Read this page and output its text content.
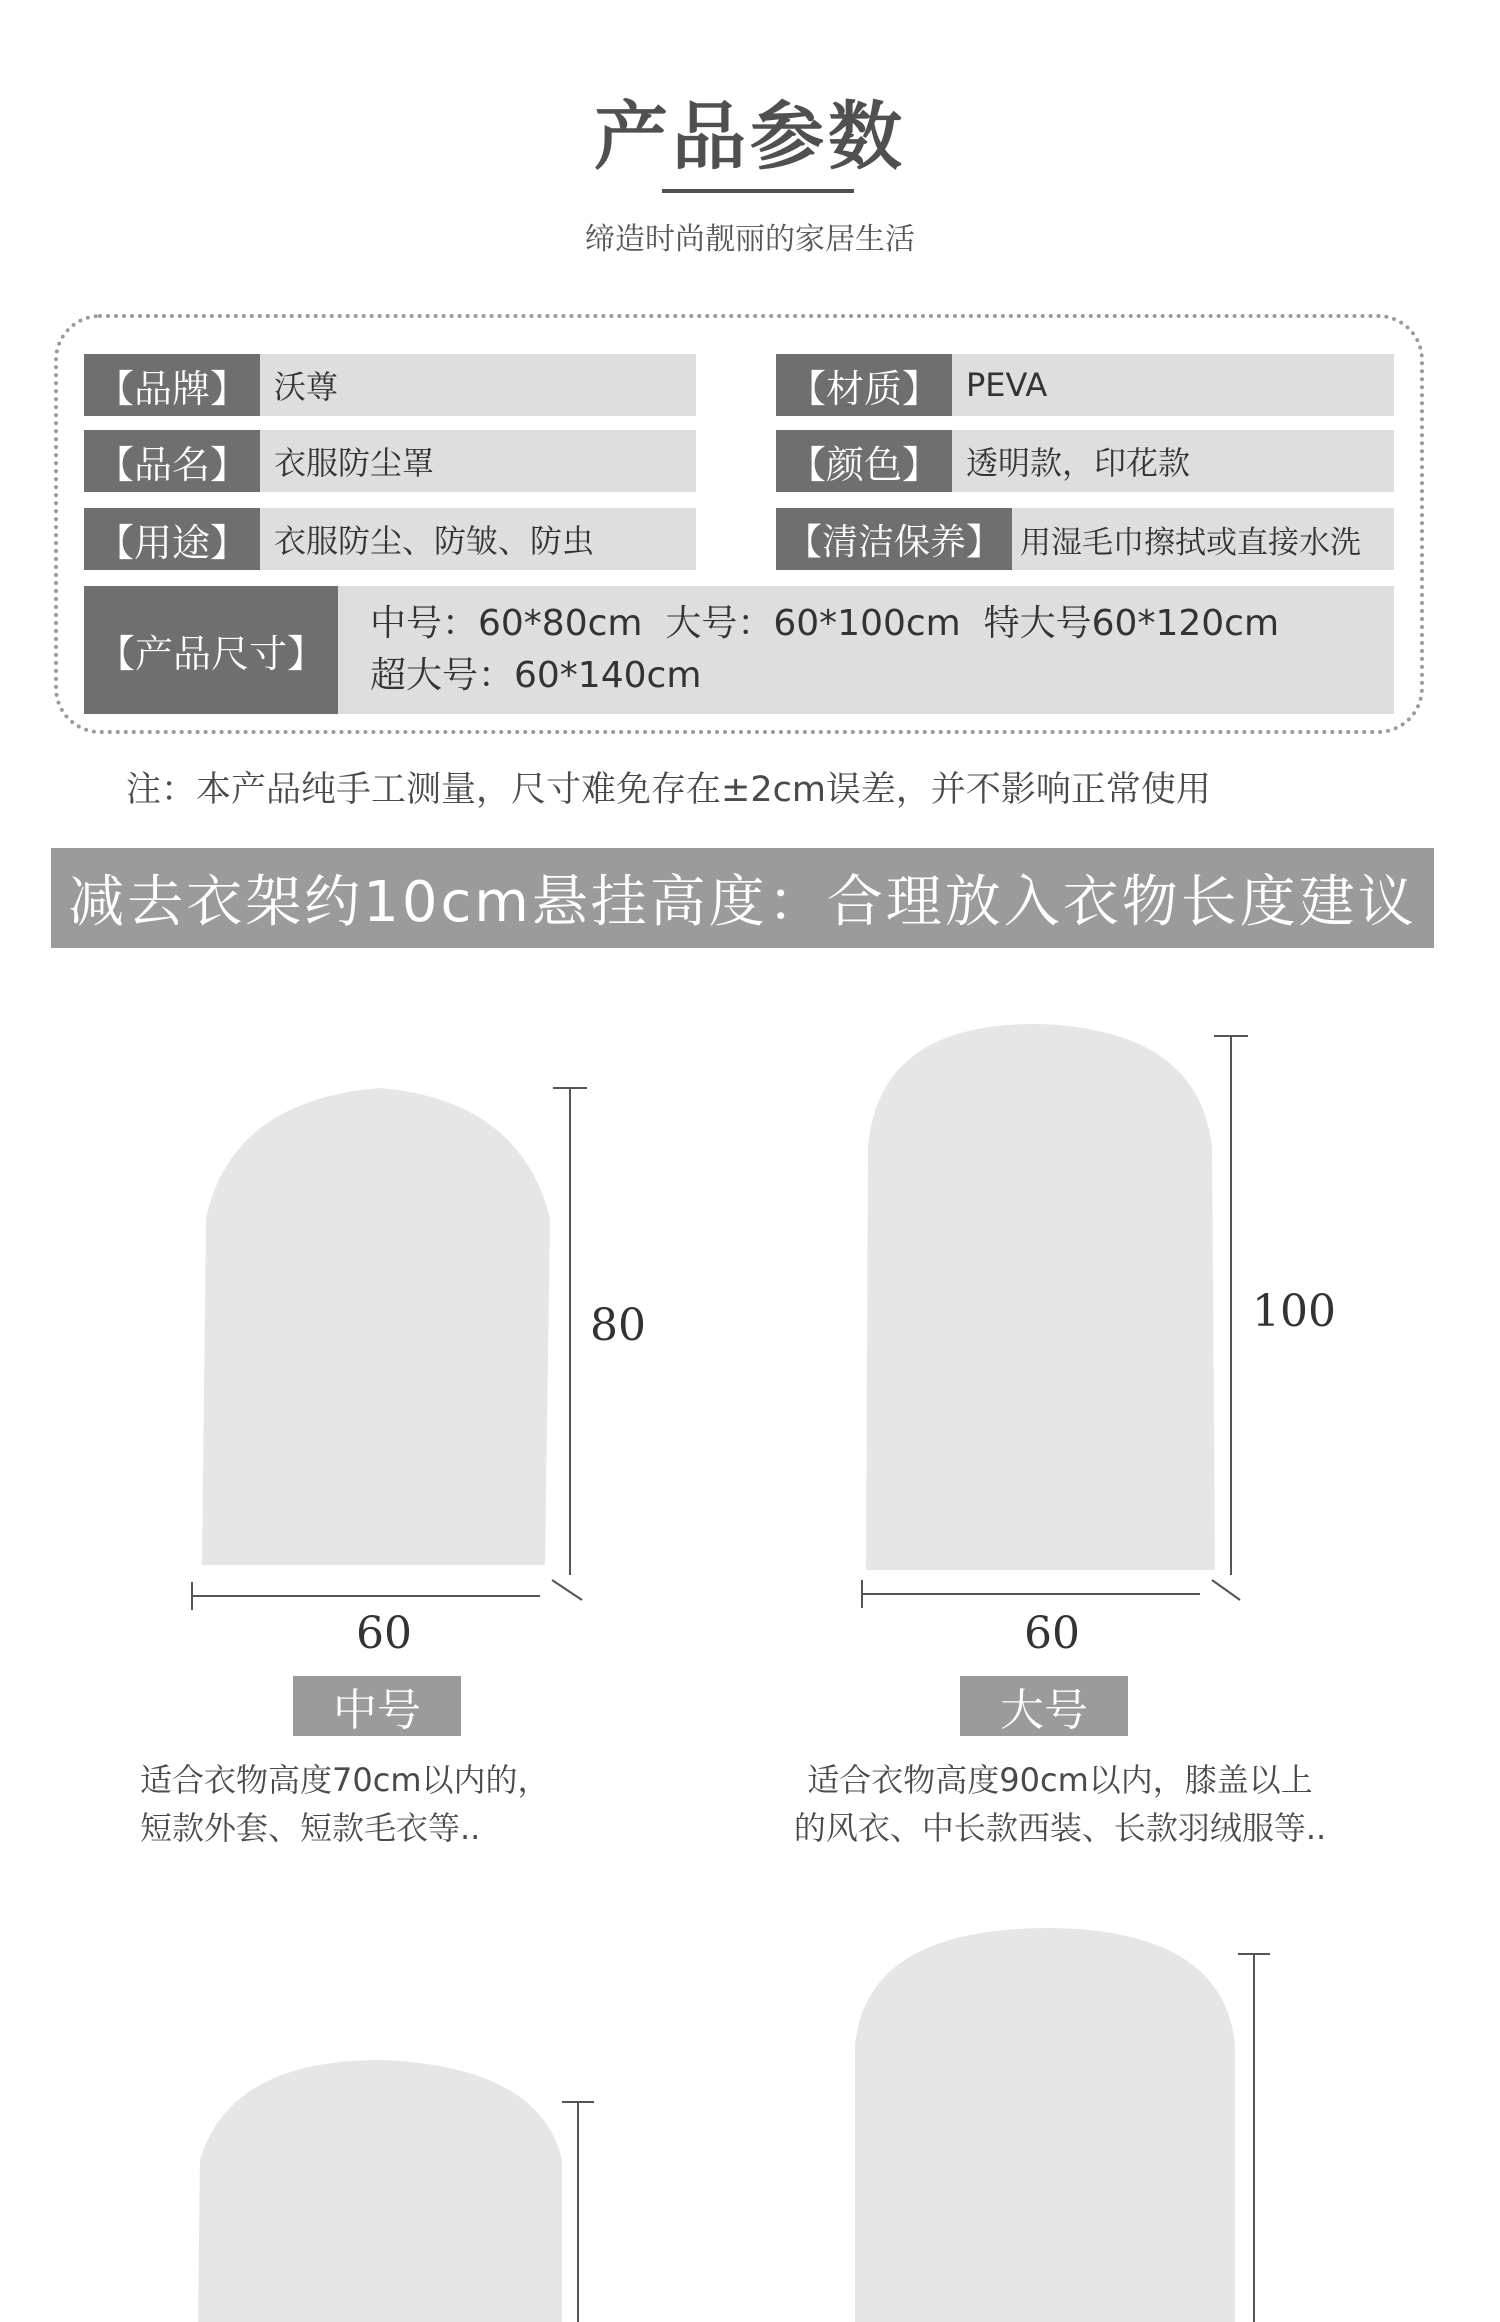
产品参数
缔造时尚靓丽的家居生活
【品牌】 沃尊
【品名】 衣服防尘罩
【用途】 衣服防尘、防皱、防虫
【材质】 PEVA
【颜色】 透明款，印花款
【清洁保养】 用湿毛巾擦拭或直接水洗
【产品尺寸】
中号：60*80cm  大号：60*100cm  特大号60*120cm
超大号：60*140cm
注：本产品纯手工测量，尺寸难免存在±2cm误差，并不影响正常使用
减去衣架约10cm悬挂高度：合理放入衣物长度建议
80
60
中号
适合衣物高度70cm以内的，
短款外套、短款毛衣等..
100
60
大号
适合衣物高度90cm以内，膝盖以上
的风衣、中长款西装、长款羽绒服等..
